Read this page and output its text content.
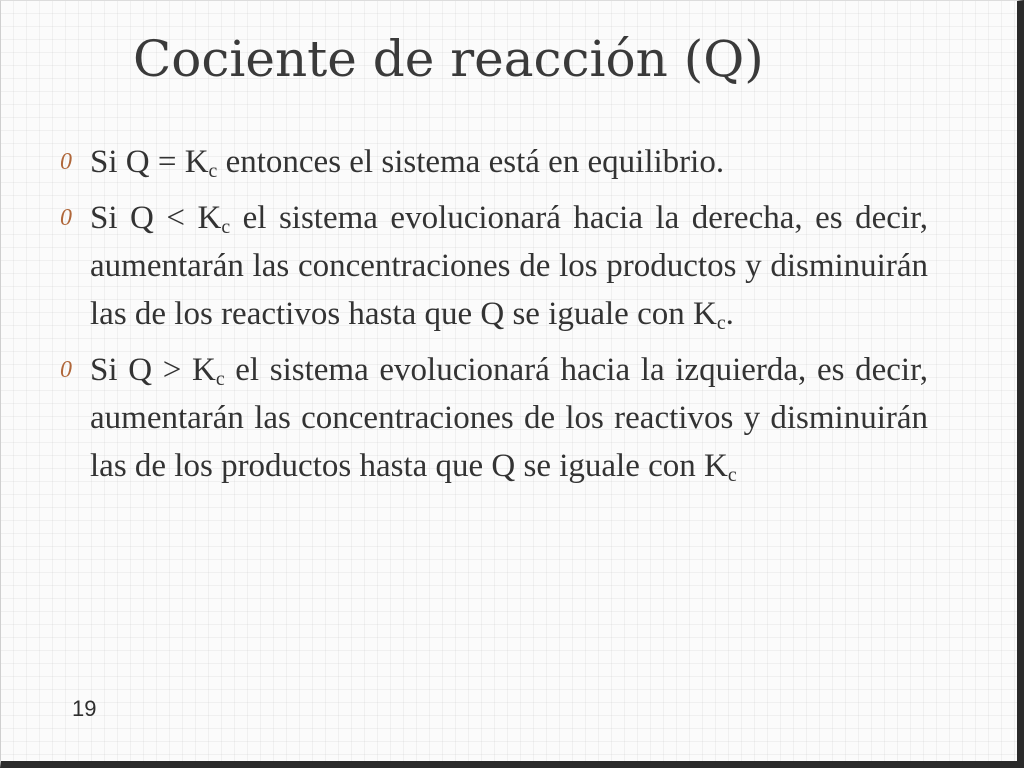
Cociente de reacción (Q)

0 Si $Q = K_c$ entonces el sistema está en equilibrio.

0 Si $Q < K_c$ el sistema evolucionará hacia la derecha, es decir, aumentarán las concentraciones de los productos y disminuirán las de los reactivos hasta que Q se iguale con $K_c$.

0 Si $Q > K_c$ el sistema evolucionará hacia la izquierda, es decir, aumentarán las concentraciones de los reactivos y disminuirán las de los productos hasta que Q se iguale con $K_c$

19
